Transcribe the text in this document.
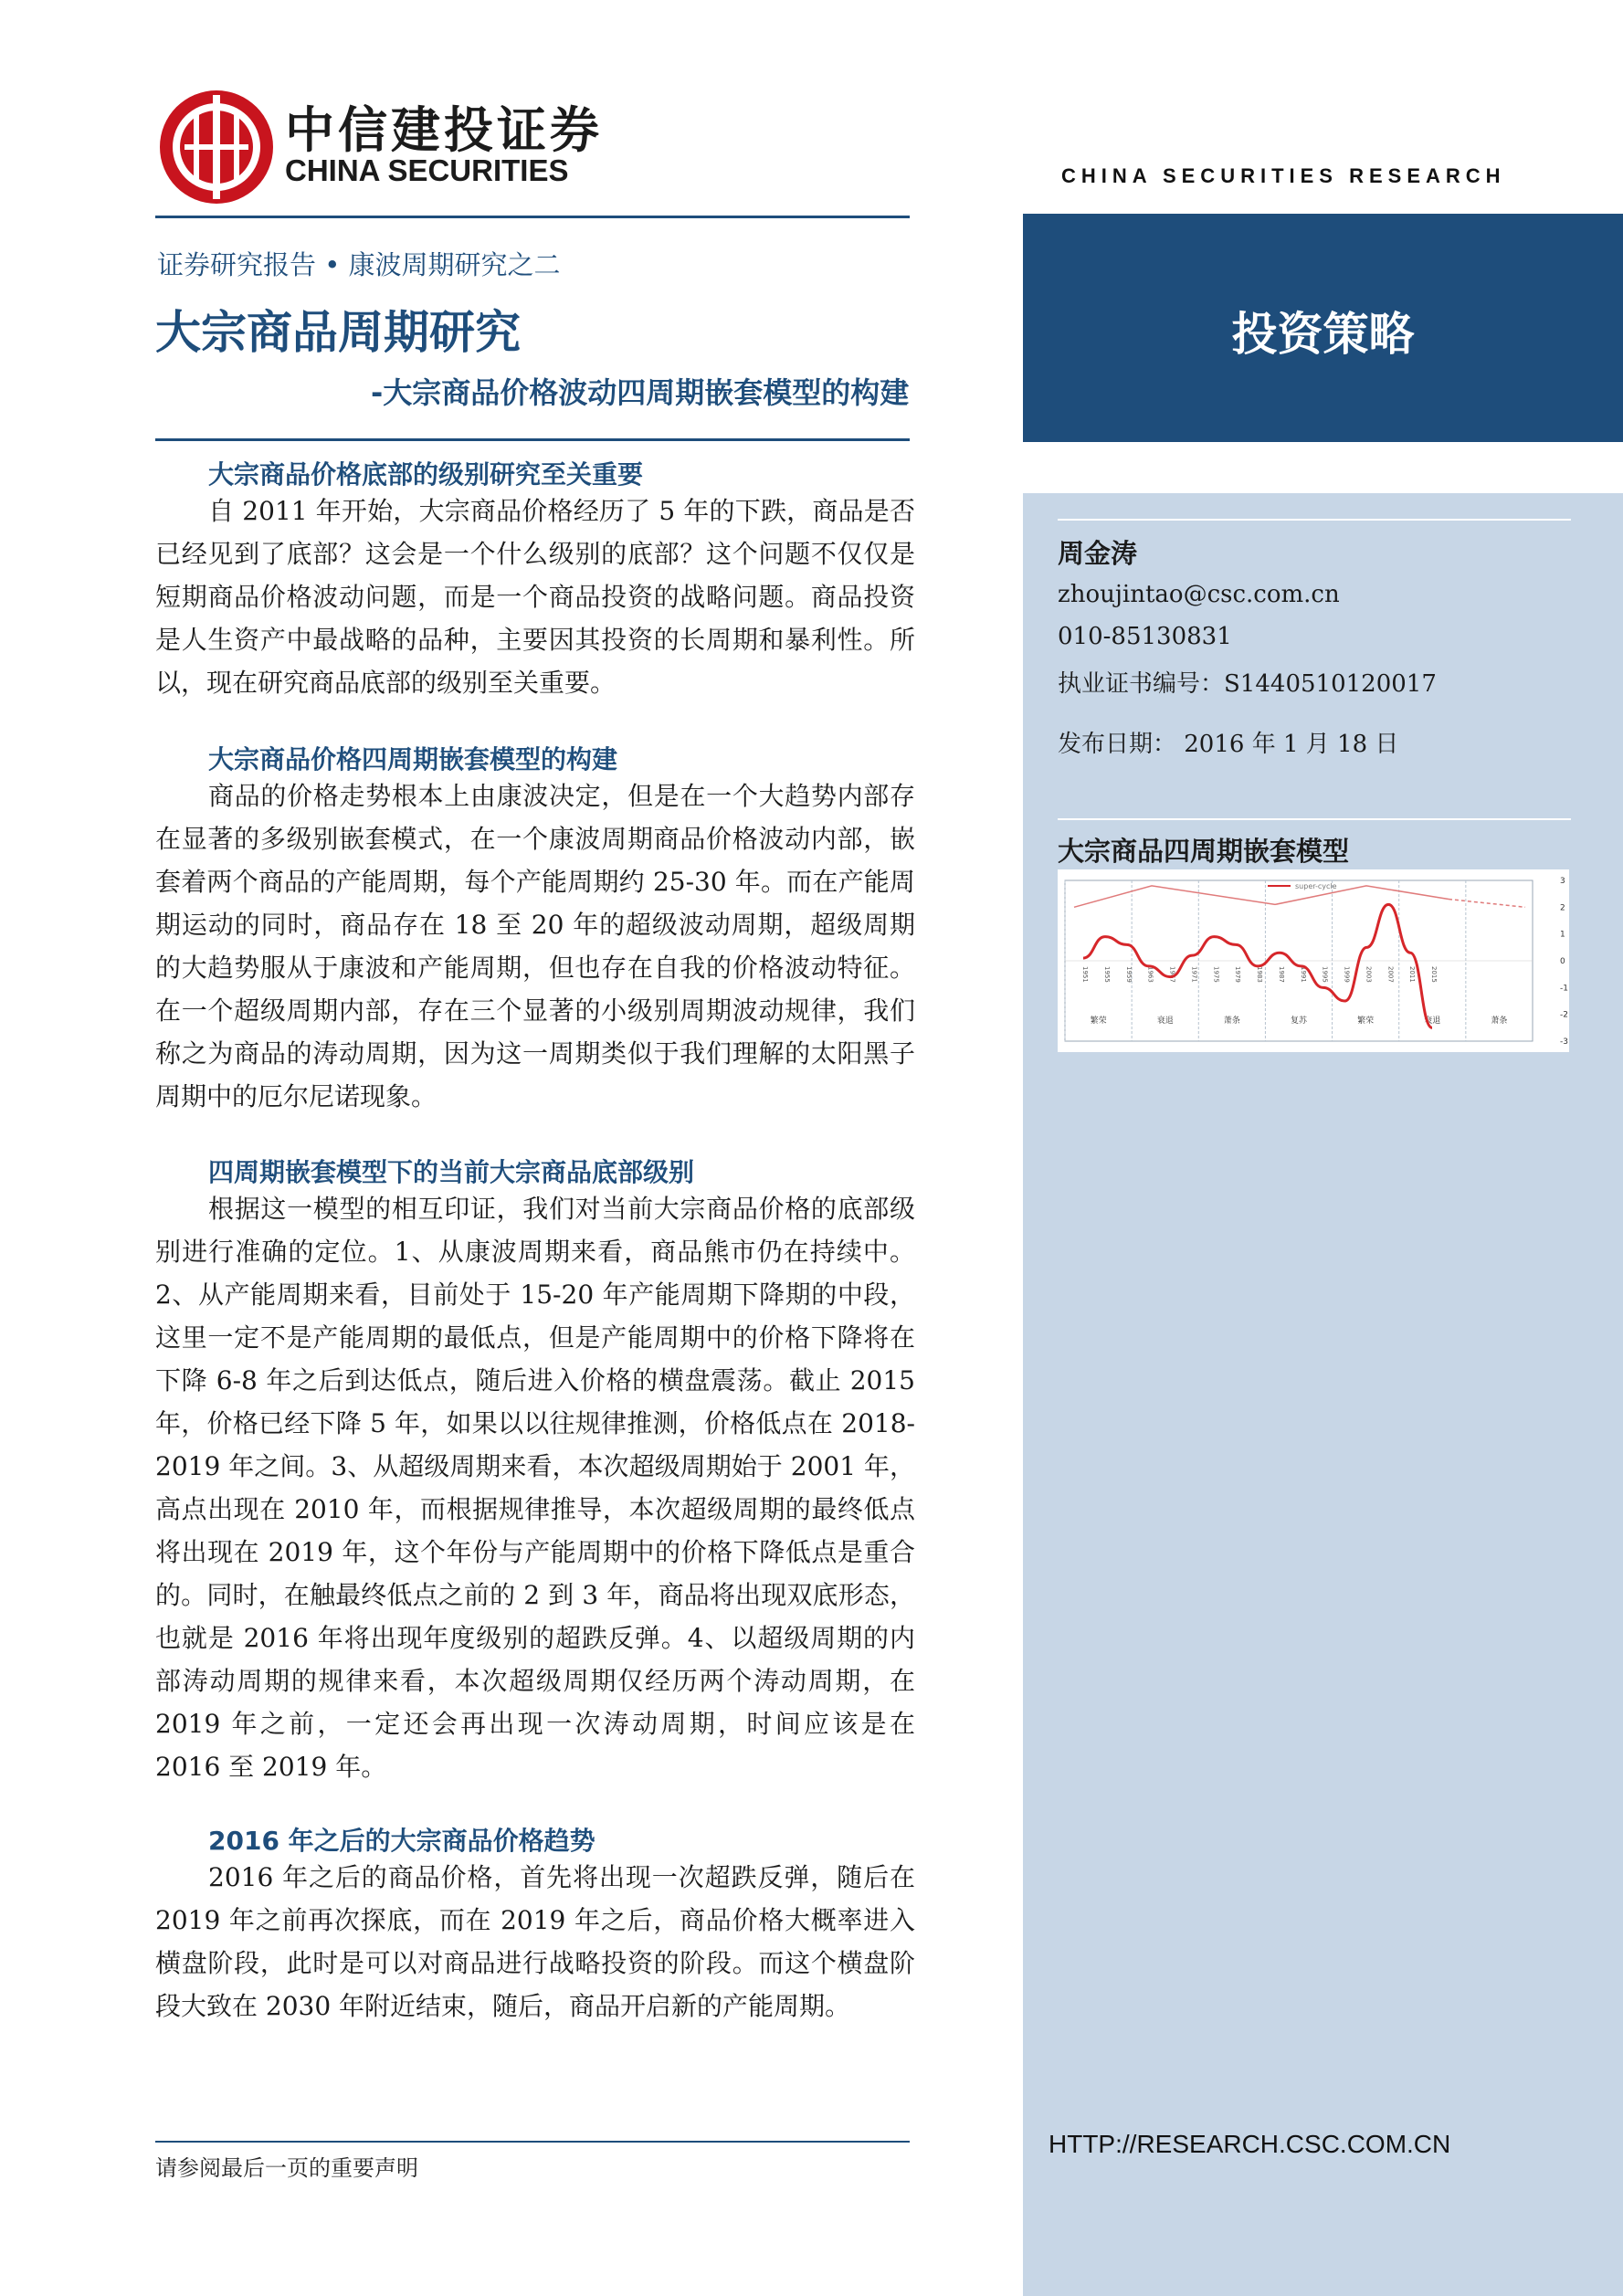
中信建投证券
CHINA SECURITIES	CHINA SECURITIES RESEARCH
证券研究报告 • 康波周期研究之二
大宗商品周期研究
-大宗商品价格波动四周期嵌套模型的构建
投资策略
周金涛
zhoujintao@csc.com.cn
010-85130831
执业证书编号：S1440510120017
发布日期： 2016 年 1 月 18 日
大宗商品四周期嵌套模型
繁荣	衰退	萧条	复苏	繁荣	衰退	萧条
3
2
1
0
-1
-2
-3
1951 1955 1959 1963 1967 1971 1975 1979 1983 1987 1991 1995 1999 2003 2007 2011 2015
super-cycle
HTTP://RESEARCH.CSC.COM.CN
大宗商品价格底部的级别研究至关重要

自 2011 年开始，大宗商品价格经历了 5 年的下跌，商品是否已经见到了底部？这会是一个什么级别的底部？这个问题不仅仅是短期商品价格波动问题，而是一个商品投资的战略问题。商品投资是人生资产中最战略的品种，主要因其投资的长周期和暴利性。所以，现在研究商品底部的级别至关重要。

大宗商品价格四周期嵌套模型的构建

商品的价格走势根本上由康波决定，但是在一个大趋势内部存在显著的多级别嵌套模式，在一个康波周期商品价格波动内部，嵌套着两个商品的产能周期，每个产能周期约 25-30 年。而在产能周期运动的同时，商品存在 18 至 20 年的超级波动周期，超级周期的大趋势服从于康波和产能周期，但也存在自我的价格波动特征。在一个超级周期内部，存在三个显著的小级别周期波动规律，我们称之为商品的涛动周期，因为这一周期类似于我们理解的太阳黑子周期中的厄尔尼诺现象。

四周期嵌套模型下的当前大宗商品底部级别

根据这一模型的相互印证，我们对当前大宗商品价格的底部级别进行准确的定位。1、从康波周期来看，商品熊市仍在持续中。2、从产能周期来看，目前处于 15-20 年产能周期下降期的中段，这里一定不是产能周期的最低点，但是产能周期中的价格下降将在下降 6-8 年之后到达低点，随后进入价格的横盘震荡。截止 2015 年，价格已经下降 5 年，如果以以往规律推测，价格低点在 2018-2019 年之间。3、从超级周期来看，本次超级周期始于 2001 年，高点出现在 2010 年，而根据规律推导，本次超级周期的最终低点将出现在 2019 年，这个年份与产能周期中的价格下降低点是重合的。同时，在触最终低点之前的 2 到 3 年，商品将出现双底形态，也就是 2016 年将出现年度级别的超跌反弹。4、以超级周期的内部涛动周期的规律来看，本次超级周期仅经历两个涛动周期，在 2019 年之前，一定还会再出现一次涛动周期，时间应该是在 2016 至 2019 年。

2016 年之后的大宗商品价格趋势

2016 年之后的商品价格，首先将出现一次超跌反弹，随后在 2019 年之前再次探底，而在 2019 年之后，商品价格大概率进入横盘阶段，此时是可以对商品进行战略投资的阶段。而这个横盘阶段大致在 2030 年附近结束，随后，商品开启新的产能周期。

请参阅最后一页的重要声明
